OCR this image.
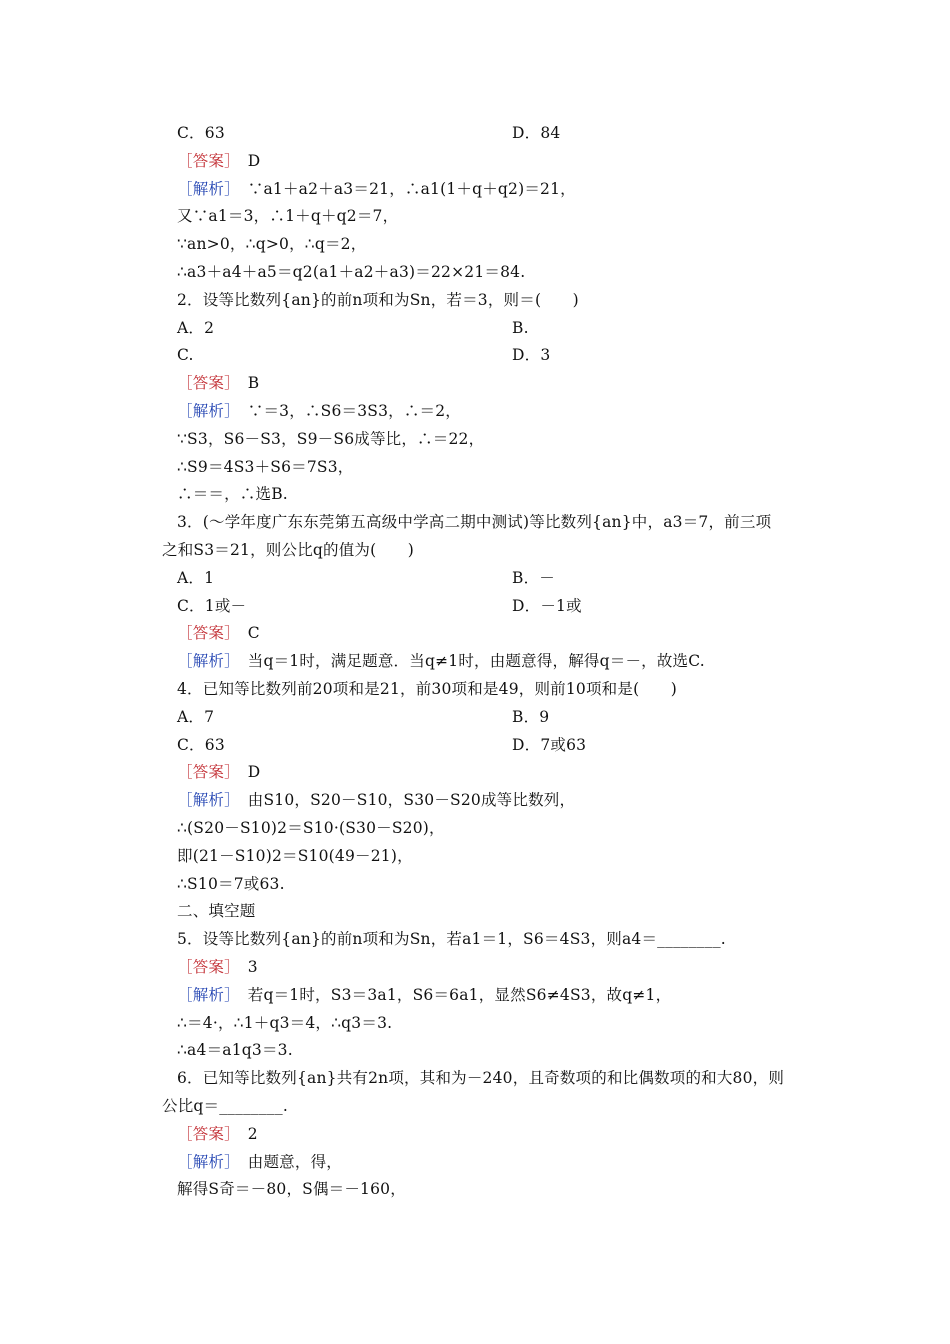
C．63	D．84
［答案］　D
［解析］　∵a1＋a2＋a3＝21，∴a1(1＋q＋q2)＝21，
又∵a1＝3，∴1＋q＋q2＝7，
∵an>0，∴q>0，∴q＝2，
∴a3＋a4＋a5＝q2(a1＋a2＋a3)＝22×21＝84.
2．设等比数列{an}的前n项和为Sn，若＝3，则＝(　　)
A．2	B.
C.	D．3
［答案］　B
［解析］　∵＝3，∴S6＝3S3，∴＝2，
∵S3，S6－S3，S9－S6成等比，∴＝22，
∴S9＝4S3＋S6＝7S3，
∴＝＝，∴选B.
3．(～学年度广东东莞第五高级中学高二期中测试)等比数列{an}中，a3＝7，前三项
之和S3＝21，则公比q的值为(　　)
A．1	B．－
C．1或－	D．－1或
［答案］　C
［解析］　当q＝1时，满足题意．当q≠1时，由题意得，解得q＝－，故选C.
4．已知等比数列前20项和是21，前30项和是49，则前10项和是(　　)
A．7	B．9
C．63	D．7或63
［答案］　D
［解析］　由S10，S20－S10，S30－S20成等比数列，
∴(S20－S10)2＝S10·(S30－S20)，
即(21－S10)2＝S10(49－21)，
∴S10＝7或63.
二、填空题
5．设等比数列{an}的前n项和为Sn，若a1＝1，S6＝4S3，则a4＝________.
［答案］　3
［解析］　若q＝1时，S3＝3a1，S6＝6a1，显然S6≠4S3，故q≠1，
∴＝4·，∴1＋q3＝4，∴q3＝3.
∴a4＝a1q3＝3.
6．已知等比数列{an}共有2n项，其和为－240，且奇数项的和比偶数项的和大80，则
公比q＝________.
［答案］　2
［解析］　由题意，得，
解得S奇＝－80，S偶＝－160，
